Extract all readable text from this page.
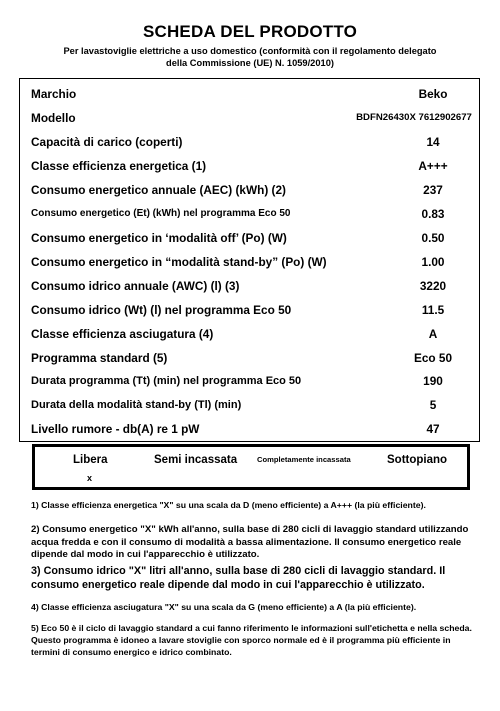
SCHEDA DEL PRODOTTO
Per lavastoviglie elettriche a uso domestico (conformità con il regolamento delegato della Commissione (UE) N. 1059/2010)
Marchio	Beko
Modello	BDFN26430X 7612902677
Capacità di carico (coperti)	14
Classe efficienza energetica (1)	A+++
Consumo energetico annuale (AEC) (kWh) (2)	237
Consumo energetico (Et) (kWh) nel programma Eco 50	0.83
Consumo energetico in ‘modalità off’ (Po) (W)	0.50
Consumo energetico in “modalità stand-by” (Po) (W)	1.00
Consumo idrico annuale (AWC) (l) (3)	3220
Consumo idrico (Wt) (l) nel programma Eco 50	11.5
Classe efficienza asciugatura (4)	A
Programma standard (5)	Eco 50
Durata programma (Tt) (min) nel programma Eco 50	190
Durata della modalità stand-by (Tl) (min)	5
Livello rumore - db(A) re 1 pW	47
Libera	Semi incassata	Completamente incassata	Sottopiano
x
1) Classe efficienza energetica "X" su una scala da D (meno efficiente) a A+++ (la più efficiente).
2) Consumo energetico "X" kWh all'anno, sulla base di 280 cicli di lavaggio standard utilizzando acqua fredda e con il consumo di modalità a bassa alimentazione. Il consumo energetico reale dipende dal modo in cui l'apparecchio è utilizzato.
3) Consumo idrico "X" litri all'anno, sulla base di 280 cicli di lavaggio standard. Il consumo energetico reale dipende dal modo in cui l'apparecchio è utilizzato.
4) Classe efficienza asciugatura "X" su una scala da G (meno efficiente) a A (la più efficiente).
5) Eco 50 è il ciclo di lavaggio standard a cui fanno riferimento le informazioni sull'etichetta e nella scheda. Questo programma è idoneo a lavare stoviglie con sporco normale ed è il programma più efficiente in termini di consumo energico e idrico combinato.
